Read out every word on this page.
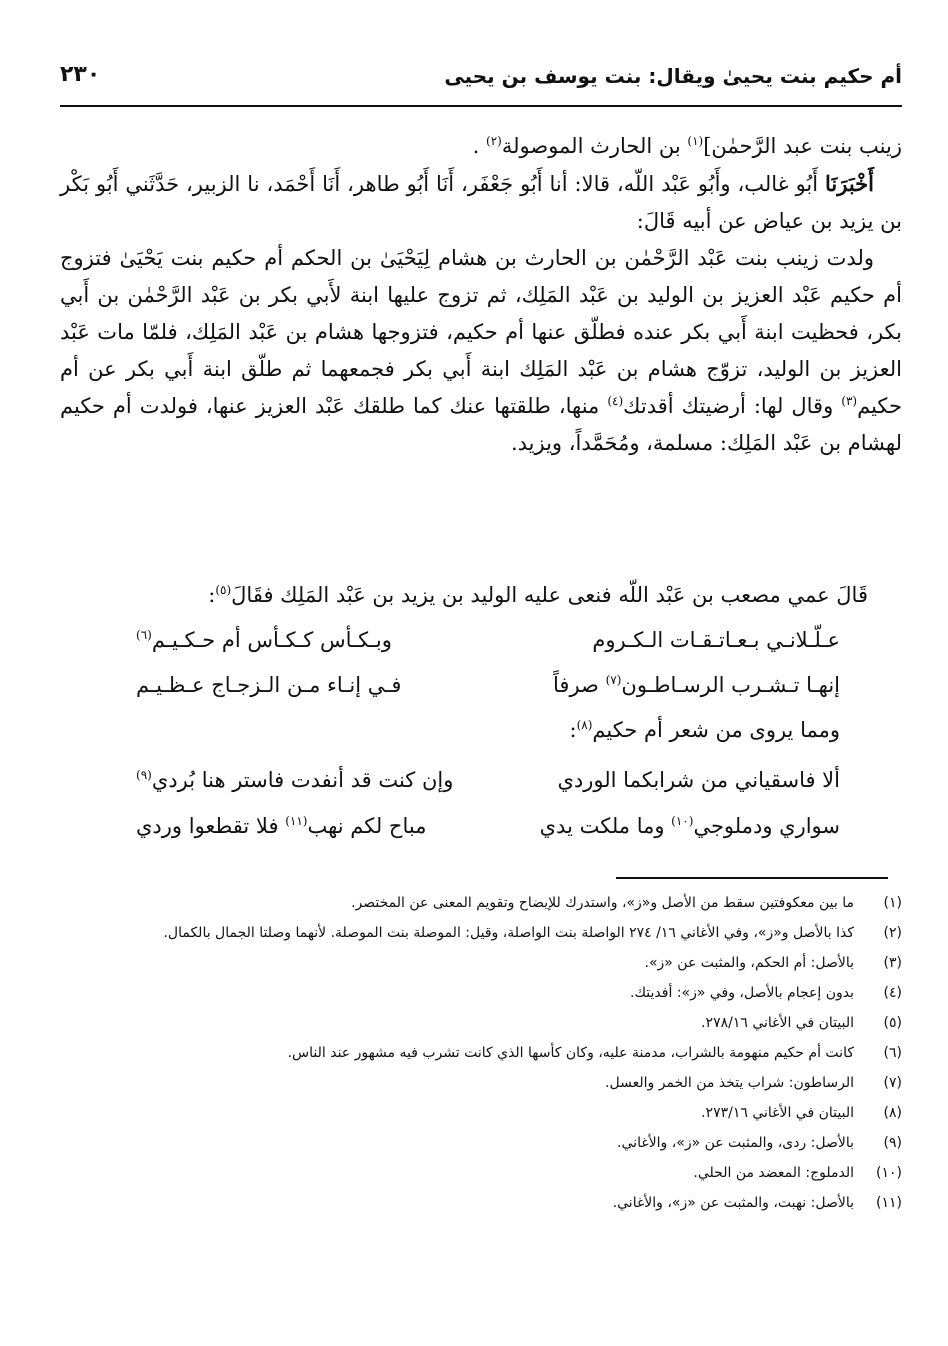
أم حكيم بنت يحيىٰ ويقال: بنت يوسف بن يحيى
٢٣٠

زينب بنت عبد الرَّحمٰن]$^{(١)}$ بن الحارث الموصولة$^{(٢)}$ .

أَخْبَرَنَا أَبُو غالب، وأَبُو عَبْد اللّه، قالا: أنا أَبُو جَعْفَر، أَنَا أَبُو طاهر، أَنَا أَحْمَد، نا الزبير، حَدَّثَني أَبُو بَكْر بن يزيد بن عياض عن أبيه قَالَ:

ولدت زينب بنت عَبْد الرَّحْمٰن بن الحارث بن هشام لِيَحْيَىٰ بن الحكم أم حكيم بنت يَحْيَىٰ فتزوج أم حكيم عَبْد العزيز بن الوليد بن عَبْد المَلِك، ثم تزوج عليها ابنة لأَبي بكر بن عَبْد الرَّحْمٰن بن أَبي بكر، فحظيت ابنة أَبي بكر عنده فطلّق عنها أم حكيم، فتزوجها هشام بن عَبْد المَلِك، فلمّا مات عَبْد العزيز بن الوليد، تزوّج هشام بن عَبْد المَلِك ابنة أَبي بكر فجمعهما ثم طلّق ابنة أَبي بكر عن أم حكيم$^{(٣)}$ وقال لها: أرضيتك أقدتك$^{(٤)}$ منها، طلقتها عنك كما طلقك عَبْد العزيز عنها، فولدت أم حكيم لهشام بن عَبْد المَلِك: مسلمة، ومُحَمَّداً، ويزيد.

قَالَ عمي مصعب بن عَبْد اللّه فنعى عليه الوليد بن يزيد بن عَبْد المَلِك فقَالَ$^{(٥)}$:
عـلّـلانـي بـعـاتـقـات الـكـروم
وبـكـأس كـكـأس أم حـكـيـم$^{(٦)}$
إنهـا تـشـرب الرسـاطـون$^{(٧)}$ صرفاً
فـي إنـاء مـن الـزجـاج عـظـيـم
ومما يروى من شعر أم حكيم$^{(٨)}$:
ألا فاسقياني من شرابكما الوردي
وإن كنت قد أنفدت فاستر هنا بُردي$^{(٩)}$
سواري ودملوجي$^{(١٠)}$ وما ملكت يدي
مباح لكم نهب$^{(١١)}$ فلا تقطعوا وردي
(١)
ما بين معكوفتين سقط من الأصل و«ز»، واستدرك للإيضاح وتقويم المعنى عن المختصر.
(٢)
كذا بالأصل و«ز»، وفي الأغاني ١٦/ ٢٧٤ الواصلة بنت الواصلة، وقيل: الموصلة بنت الموصلة. لأنهما وصلتا الجمال بالكمال.
(٣)
بالأصل: أم الحكم، والمثبت عن «ز».
(٤)
بدون إعجام بالأصل، وفي «ز»: أفديتك.
(٥)
البيتان في الأغاني ٢٧٨/١٦.
(٦)
كانت أم حكيم منهومة بالشراب، مدمنة عليه، وكان كأسها الذي كانت تشرب فيه مشهور عند الناس.
(٧)
الرساطون: شراب يتخذ من الخمر والعسل.
(٨)
البيتان في الأغاني ٢٧٣/١٦.
(٩)
بالأصل: ردى، والمثبت عن «ز»، والأغاني.
(١٠)
الدملوج: المعضد من الحلي.
(١١)
بالأصل: نهبت، والمثبت عن «ز»، والأغاني.
